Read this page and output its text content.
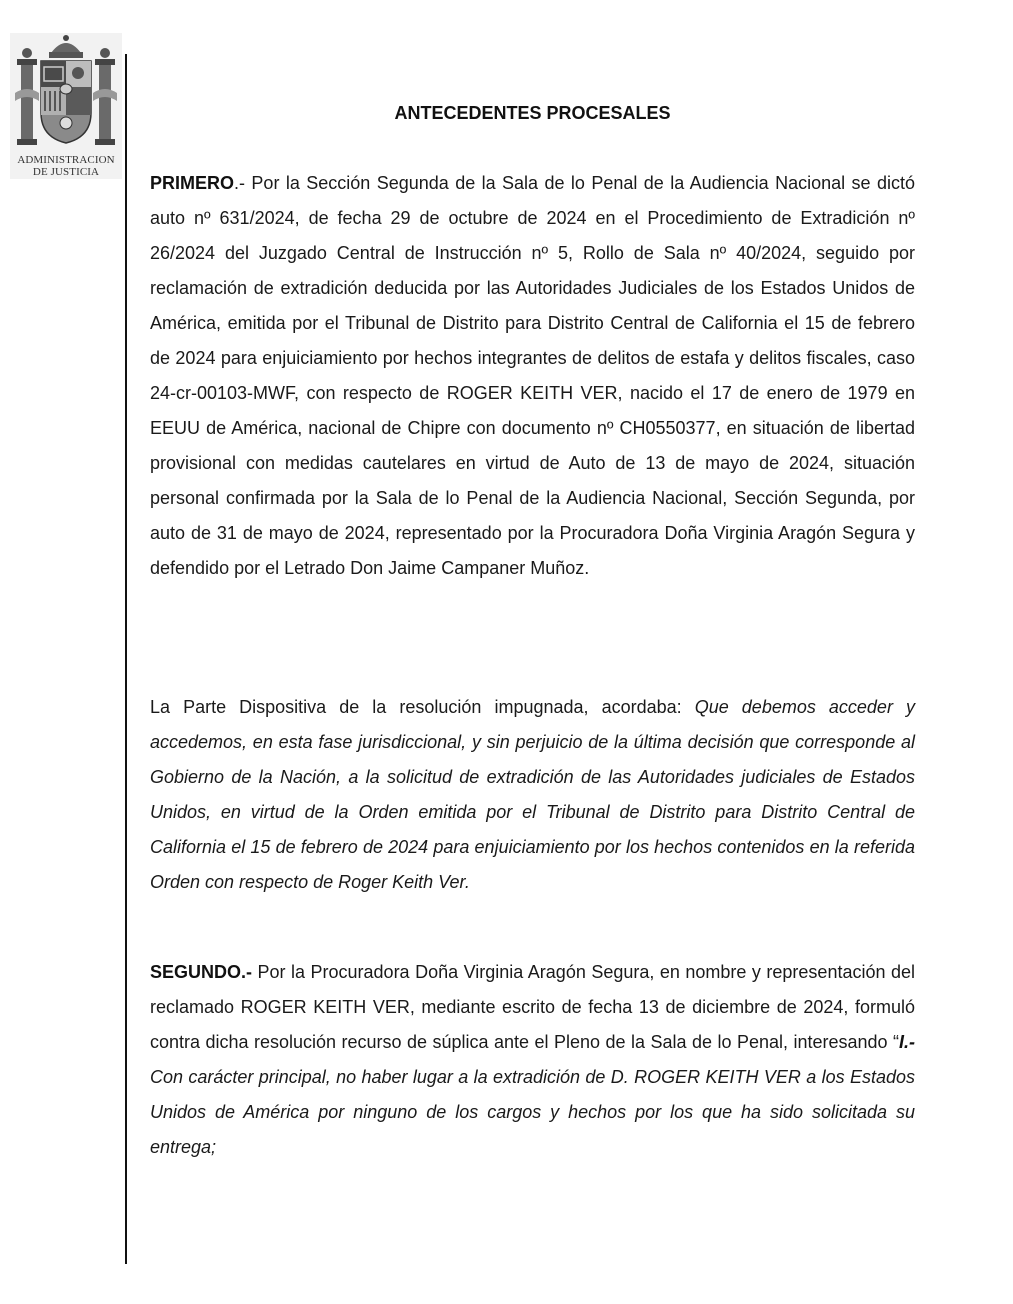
ADMINISTRACION
DE JUSTICIA
ANTECEDENTES PROCESALES
PRIMERO.- Por la Sección Segunda de la Sala de lo Penal de la Audiencia Nacional se dictó auto nº 631/2024, de fecha 29 de octubre de 2024 en el Procedimiento de Extradición nº 26/2024 del Juzgado Central de Instrucción nº 5, Rollo de Sala nº 40/2024, seguido por reclamación de extradición deducida por las Autoridades Judiciales de los Estados Unidos de América, emitida por el Tribunal de Distrito para Distrito Central de California el 15 de febrero de 2024 para enjuiciamiento por hechos integrantes de delitos de estafa y delitos fiscales, caso 24-cr-00103-MWF, con respecto de ROGER KEITH VER, nacido el 17 de enero de 1979 en EEUU de América, nacional de Chipre con documento nº CH0550377, en situación de libertad provisional con medidas cautelares en virtud de Auto de 13 de mayo de 2024, situación personal confirmada por la Sala de lo Penal de la Audiencia Nacional, Sección Segunda, por auto de 31 de mayo de 2024, representado por la Procuradora Doña Virginia Aragón Segura y defendido por el Letrado Don Jaime Campaner Muñoz.
La Parte Dispositiva de la resolución impugnada, acordaba: Que debemos acceder y accedemos, en esta fase jurisdiccional, y sin perjuicio de la última decisión que corresponde al Gobierno de la Nación, a la solicitud de extradición de las Autoridades judiciales de Estados Unidos, en virtud de la Orden emitida por el Tribunal de Distrito para Distrito Central de California el 15 de febrero de 2024 para enjuiciamiento por los hechos contenidos en la referida Orden con respecto de Roger Keith Ver.
SEGUNDO.- Por la Procuradora Doña Virginia Aragón Segura, en nombre y representación del reclamado ROGER KEITH VER, mediante escrito de fecha 13 de diciembre de 2024, formuló contra dicha resolución recurso de súplica ante el Pleno de la Sala de lo Penal, interesando “I.- Con carácter principal, no haber lugar a la extradición de D. ROGER KEITH VER a los Estados Unidos de América por ninguno de los cargos y hechos por los que ha sido solicitada su entrega;
